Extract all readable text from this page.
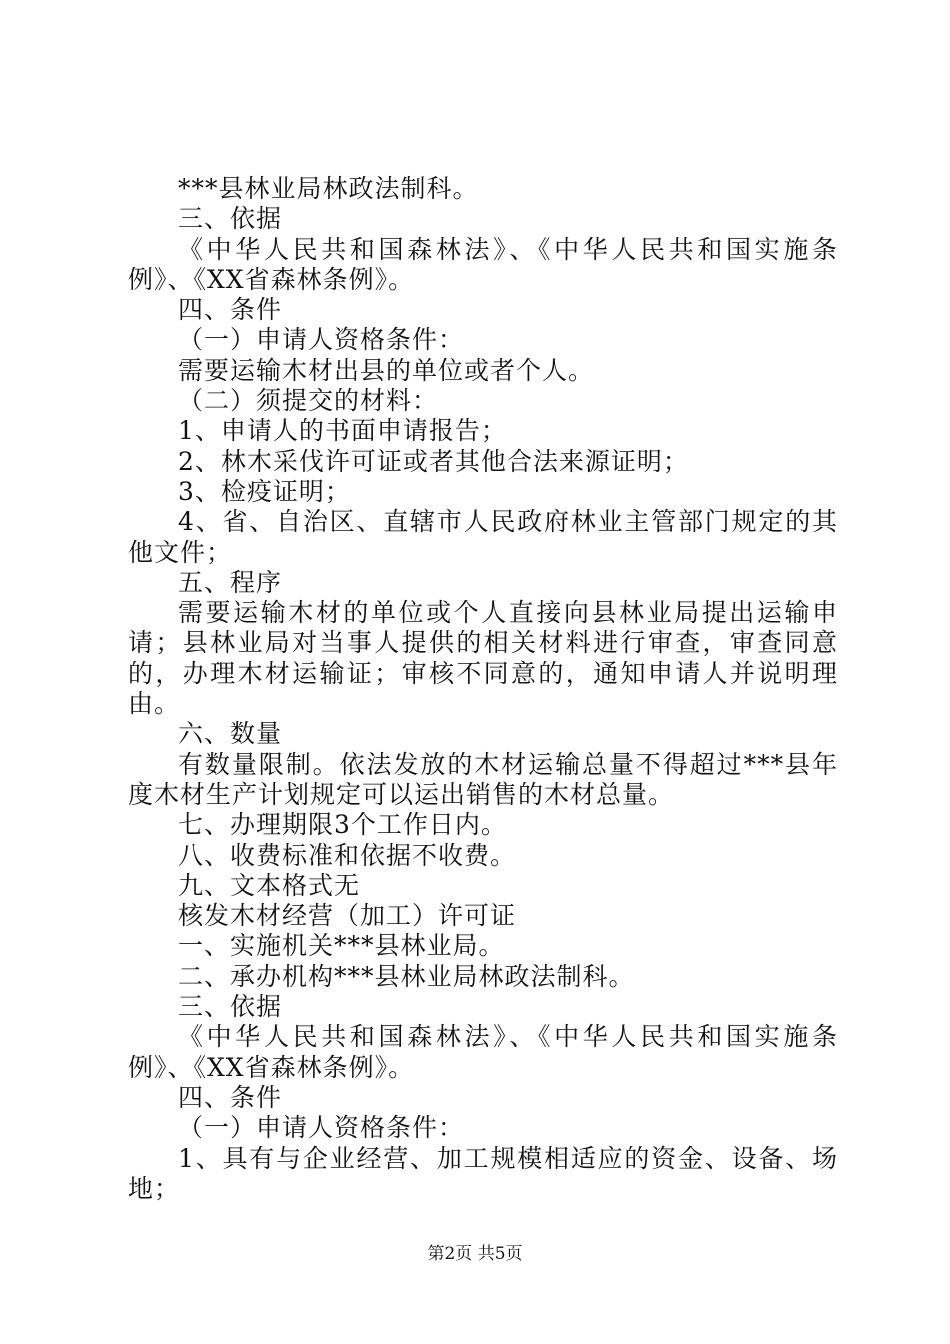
***县林业局林政法制科。

三、依据

《中华人民共和国森林法》、《中华人民共和国实施条例》、《XX省森林条例》。

四、条件

（一）申请人资格条件：

需要运输木材出县的单位或者个人。

（二）须提交的材料：

1、申请人的书面申请报告；

2、林木采伐许可证或者其他合法来源证明；

3、检疫证明；

4、省、自治区、直辖市人民政府林业主管部门规定的其他文件；

五、程序

需要运输木材的单位或个人直接向县林业局提出运输申请；县林业局对当事人提供的相关材料进行审查，审查同意的，办理木材运输证；审核不同意的，通知申请人并说明理由。

六、数量

有数量限制。依法发放的木材运输总量不得超过***县年度木材生产计划规定可以运出销售的木材总量。

七、办理期限3个工作日内。

八、收费标准和依据不收费。

九、文本格式无

核发木材经营（加工）许可证

一、实施机关***县林业局。

二、承办机构***县林业局林政法制科。

三、依据

《中华人民共和国森林法》、《中华人民共和国实施条例》、《XX省森林条例》。

四、条件

（一）申请人资格条件：

1、具有与企业经营、加工规模相适应的资金、设备、场地；

第2页 共5页
